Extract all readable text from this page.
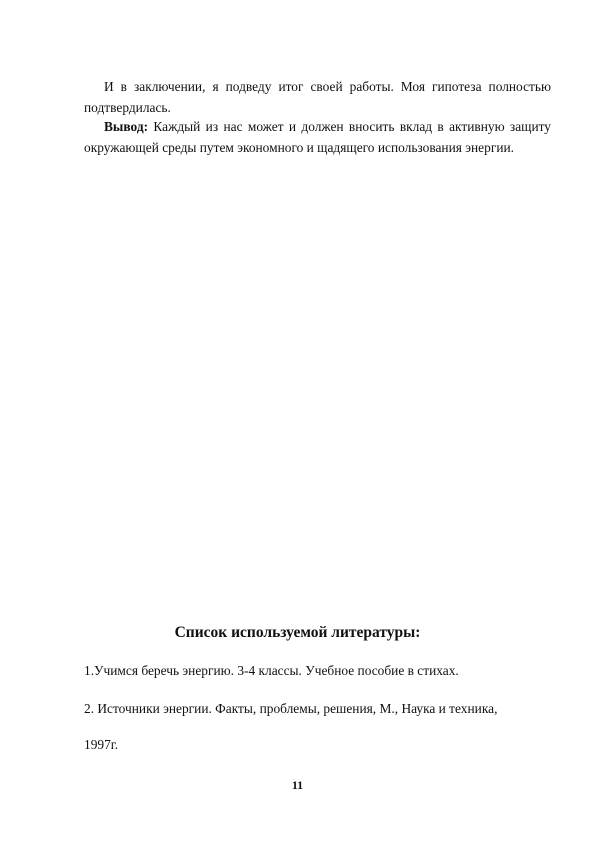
И в заключении, я подведу итог своей работы. Моя гипотеза полностью подтвердилась.

Вывод: Каждый из нас может и должен вносить вклад в активную защиту окружающей среды путем экономного и щадящего использования энергии.

Список используемой литературы:

1.Учимся беречь энергию. 3-4 классы. Учебное пособие в стихах.

2. Источники энергии. Факты, проблемы, решения, М., Наука и техника,

1997г.

11
